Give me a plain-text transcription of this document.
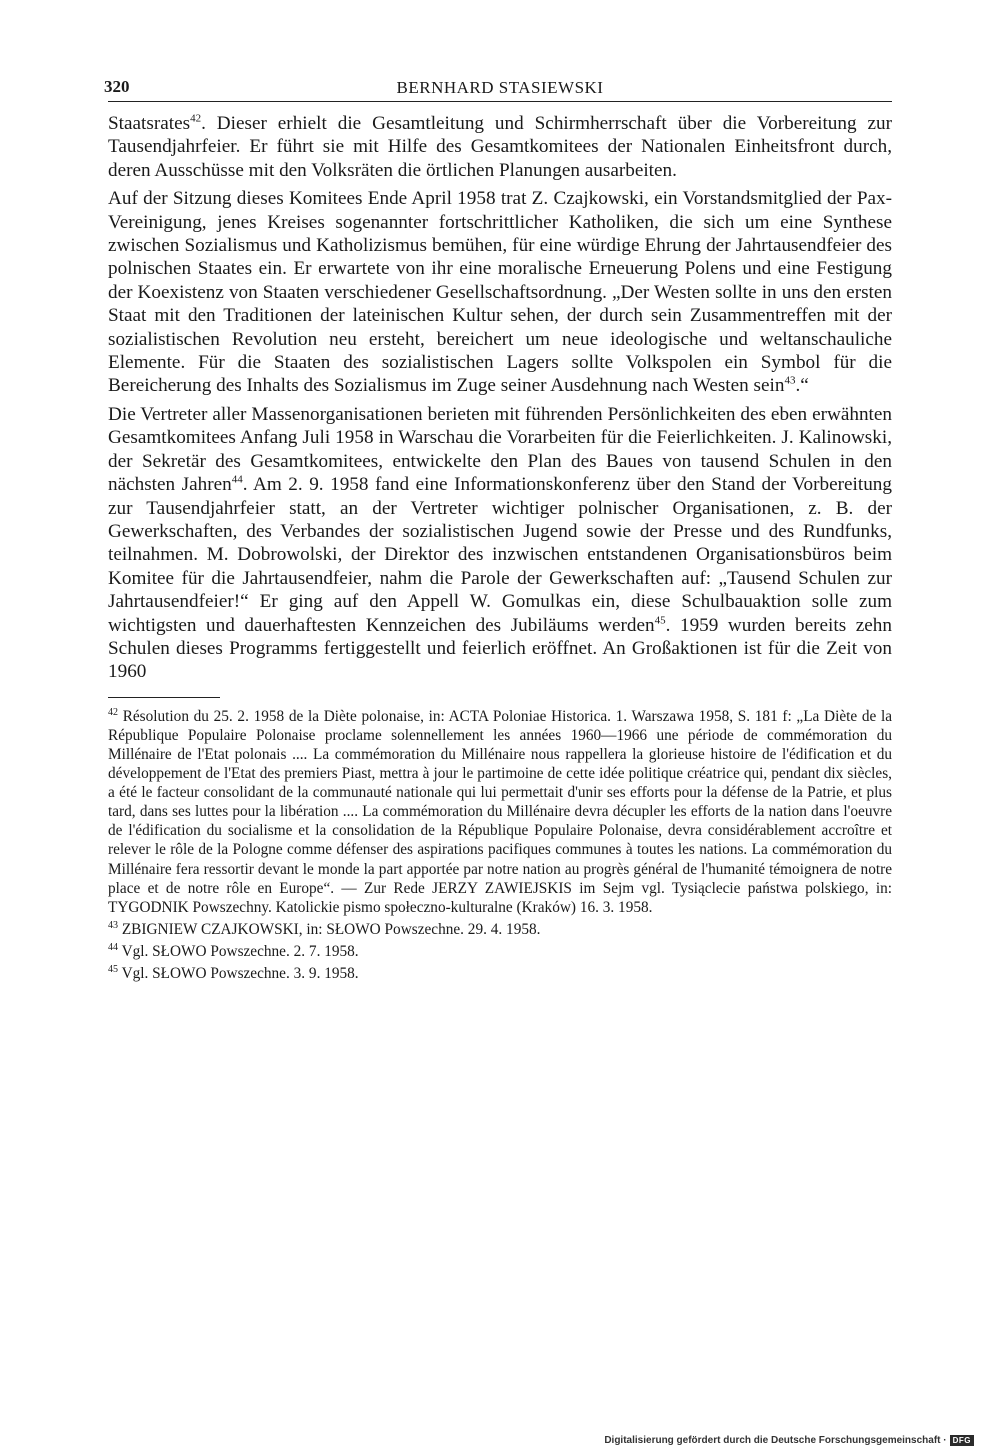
320	BERNHARD STASIEWSKI

Staatsrates$^{42}$. Dieser erhielt die Gesamtleitung und Schirmherrschaft über die Vorbereitung zur Tausendjahrfeier. Er führt sie mit Hilfe des Gesamtkomitees der Nationalen Einheitsfront durch, deren Ausschüsse mit den Volksräten die örtlichen Planungen ausarbeiten.

Auf der Sitzung dieses Komitees Ende April 1958 trat Z. Czajkowski, ein Vorstandsmitglied der Pax-Vereinigung, jenes Kreises sogenannter fortschrittlicher Katholiken, die sich um eine Synthese zwischen Sozialismus und Katholizismus bemühen, für eine würdige Ehrung der Jahrtausendfeier des polnischen Staates ein. Er erwartete von ihr eine moralische Erneuerung Polens und eine Festigung der Koexistenz von Staaten verschiedener Gesellschaftsordnung. „Der Westen sollte in uns den ersten Staat mit den Traditionen der lateinischen Kultur sehen, der durch sein Zusammentreffen mit der sozialistischen Revolution neu ersteht, bereichert um neue ideologische und weltanschauliche Elemente. Für die Staaten des sozialistischen Lagers sollte Volkspolen ein Symbol für die Bereicherung des Inhalts des Sozialismus im Zuge seiner Ausdehnung nach Westen sein$^{43}$.“

Die Vertreter aller Massenorganisationen berieten mit führenden Persönlichkeiten des eben erwähnten Gesamtkomitees Anfang Juli 1958 in Warschau die Vorarbeiten für die Feierlichkeiten. J. Kalinowski, der Sekretär des Gesamtkomitees, entwickelte den Plan des Baues von tausend Schulen in den nächsten Jahren$^{44}$. Am 2. 9. 1958 fand eine Informationskonferenz über den Stand der Vorbereitung zur Tausendjahrfeier statt, an der Vertreter wichtiger polnischer Organisationen, z. B. der Gewerkschaften, des Verbandes der sozialistischen Jugend sowie der Presse und des Rundfunks, teilnahmen. M. Dobrowolski, der Direktor des inzwischen entstandenen Organisationsbüros beim Komitee für die Jahrtausendfeier, nahm die Parole der Gewerkschaften auf: „Tausend Schulen zur Jahrtausendfeier!“ Er ging auf den Appell W. Gomulkas ein, diese Schulbauaktion solle zum wichtigsten und dauerhaftesten Kennzeichen des Jubiläums werden$^{45}$. 1959 wurden bereits zehn Schulen dieses Programms fertiggestellt und feierlich eröffnet. An Großaktionen ist für die Zeit von 1960

$^{42}$ Résolution du 25. 2. 1958 de la Diète polonaise, in: ACTA Poloniae Historica. 1. Warszawa 1958, S. 181 f: „La Diète de la République Populaire Polonaise proclame solennellement les années 1960—1966 une période de commémoration du Millénaire de l'Etat polonais .... La commémoration du Millénaire nous rappellera la glorieuse histoire de l'édification et du développement de l'Etat des premiers Piast, mettra à jour le partimoine de cette idée politique créatrice qui, pendant dix siècles, a été le facteur consolidant de la communauté nationale qui lui permettait d'unir ses efforts pour la défense de la Patrie, et plus tard, dans ses luttes pour la libération .... La commémoration du Millénaire devra décupler les efforts de la nation dans l'oeuvre de l'édification du socialisme et la consolidation de la République Populaire Polonaise, devra considérablement accroître et relever le rôle de la Pologne comme défenser des aspirations pacifiques communes à toutes les nations. La commémoration du Millénaire fera ressortir devant le monde la part apportée par notre nation au progrès général de l'humanité témoignera de notre place et de notre rôle en Europe“. — Zur Rede JERZY ZAWIEJSKIS im Sejm vgl. Tysiąclecie państwa polskiego, in: TYGODNIK Powszechny. Katolickie pismo społeczno-kulturalne (Kraków) 16. 3. 1958.

$^{43}$ ZBIGNIEW CZAJKOWSKI, in: SŁOWO Powszechne. 29. 4. 1958.

$^{44}$ Vgl. SŁOWO Powszechne. 2. 7. 1958.

$^{45}$ Vgl. SŁOWO Powszechne. 3. 9. 1958.

Digitalisierung gefördert durch die Deutsche Forschungsgemeinschaft · DFG
